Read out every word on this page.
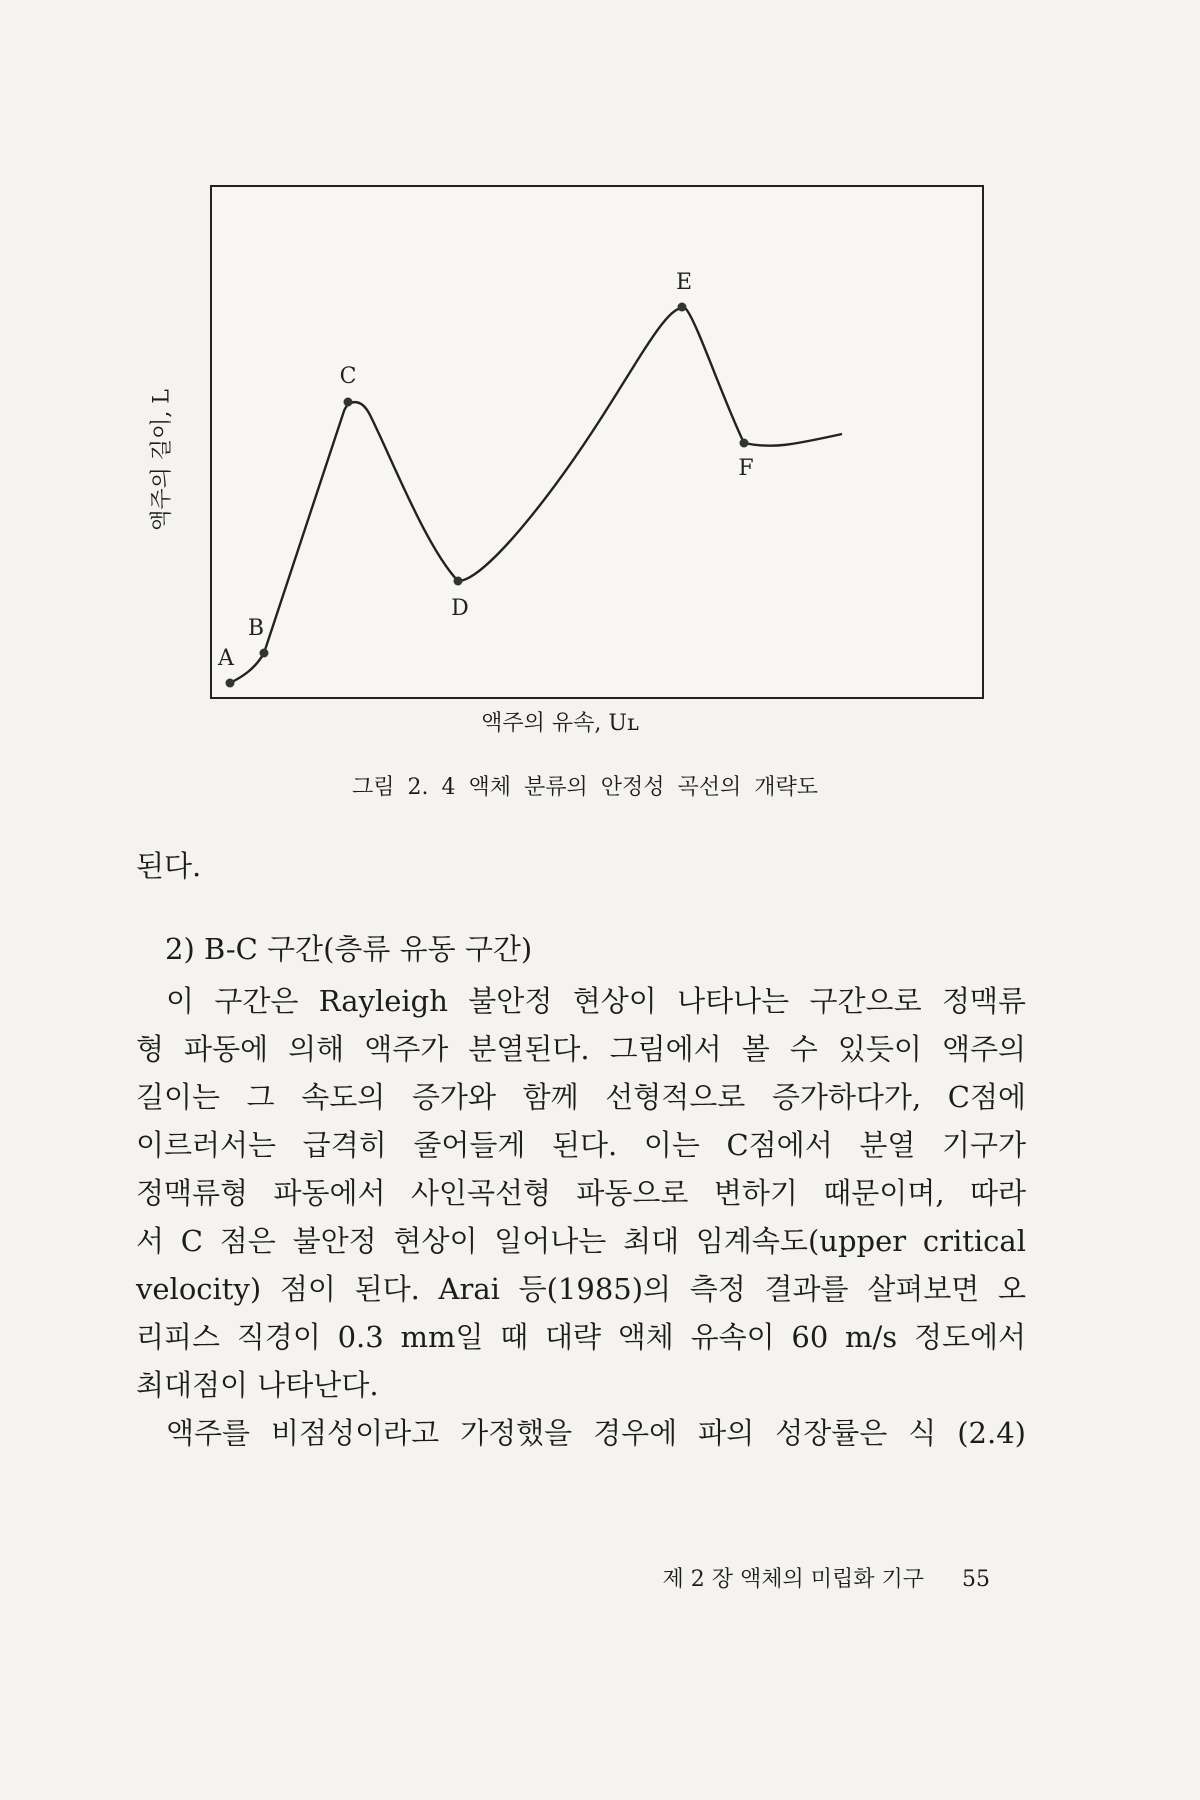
A
B
C
D
E
F
액주의 길이, L
액주의 유속, Uʟ
그림 2. 4 액체 분류의 안정성 곡선의 개략도
된다.
2) B-C 구간(층류 유동 구간)
이 구간은 Rayleigh 불안정 현상이 나타나는 구간으로 정맥류
형 파동에 의해 액주가 분열된다. 그림에서 볼 수 있듯이 액주의
길이는 그 속도의 증가와 함께 선형적으로 증가하다가, C점에
이르러서는 급격히 줄어들게 된다. 이는 C점에서 분열 기구가
정맥류형 파동에서 사인곡선형 파동으로 변하기 때문이며, 따라
서 C 점은 불안정 현상이 일어나는 최대 임계속도(upper critical
velocity) 점이 된다. Arai 등(1985)의 측정 결과를 살펴보면 오
리피스 직경이 0.3 mm일 때 대략 액체 유속이 60 m/s 정도에서
최대점이 나타난다.
액주를 비점성이라고 가정했을 경우에 파의 성장률은 식 (2.4)
제 2 장 액체의 미립화 기구 55
